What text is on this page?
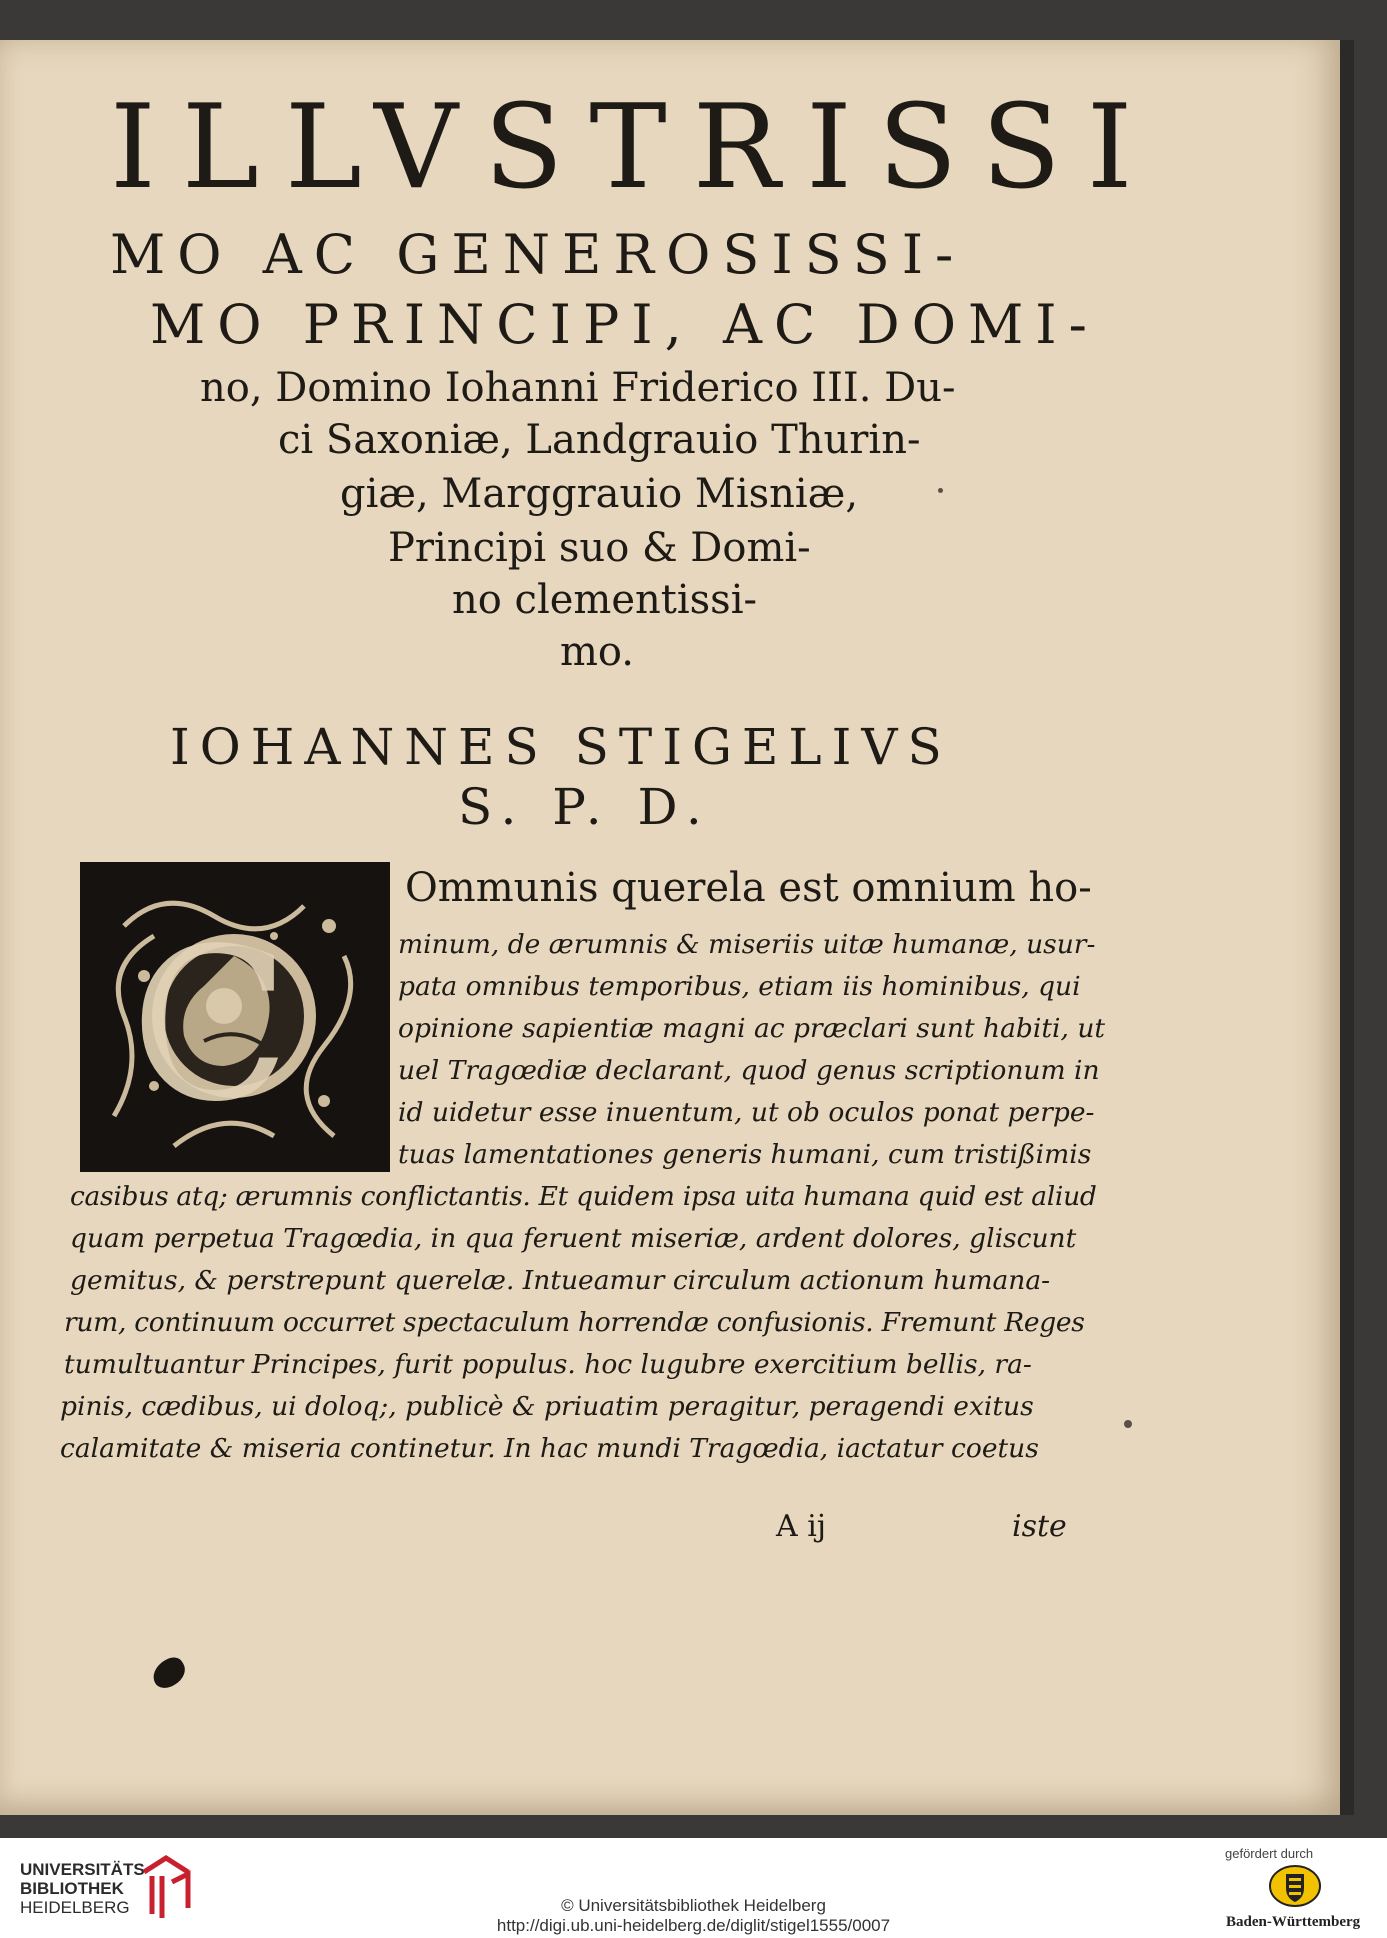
ILLVSTRISSI
MO AC GENEROSISSI-
MO PRINCIPI, AC DOMI-
no, Domino Iohanni Friderico III. Du-
ci Saxoniæ, Landgrauio Thurin-
giæ, Marggrauio Misniæ,
Principi suo & Domi-
no clementissi-
mo.
IOHANNES STIGELIVS
S. P. D.
C
Ommunis querela est omnium ho-
minum, de ærumnis & miseriis uitæ humanæ, usur-
pata omnibus temporibus, etiam iis hominibus, qui
opinione sapientiæ magni ac præclari sunt habiti, ut
uel Tragœdiæ declarant, quod genus scriptionum in
id uidetur esse inuentum, ut ob oculos ponat perpe-
tuas lamentationes generis humani, cum tristißimis
casibus atq; ærumnis conflictantis. Et quidem ipsa uita humana quid est aliud
quam perpetua Tragœdia, in qua feruent miseriæ, ardent dolores, gliscunt
gemitus, & perstrepunt querelæ. Intueamur circulum actionum humana-
rum, continuum occurret spectaculum horrendæ confusionis. Fremunt Reges
tumultuantur Principes, furit populus. hoc lugubre exercitium bellis, ra-
pinis, cædibus, ui doloq;, publicè & priuatim peragitur, peragendi exitus
calamitate & miseria continetur. In hac mundi Tragœdia, iactatur coetus
A ij	iste
UNIVERSITÄTS-
BIBLIOTHEK
HEIDELBERG	© Universitätsbibliothek Heidelberg
http://digi.ub.uni-heidelberg.de/diglit/stigel1555/0007
gefördert durch
Baden-Württemberg
